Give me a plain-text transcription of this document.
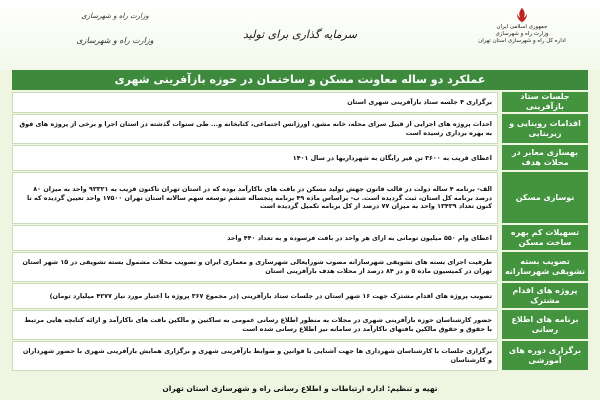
جمهوری اسلامی ایران
وزارت راه و شهرسازی
اداره کل راه و شهرسازی استان تهران
سرمایه گذاری برای تولید
وزارت راه و شهرسازی
وزارت راه و شهرسازی
عملکرد دو ساله معاونت مسکن و ساختمان در حوزه بازآفرینی شهری
جلسات ستاد بازآفرینی
برگزاری ۴ جلسه ستاد بازآفرینی شهری استان
اقدامات روبنایی و زیربنایی
احداث پروژه های اجرایی از قبیل سرای محله، خانه مشق، اورژانس اجتماعی، کتابخانه و... طی سنوات گذشته در استان اجرا و برخی از پروژه های فوق به بهره برداری رسیده است
بهسازی معابر در محلات هدف
اعطای قریب به ۳۶۰۰ تن قیر رایگان به شهرداریها در سال ۱۴۰۱
نوسازی مسکن
الف- برنامه ۴ ساله دولت در قالب قانون جهش تولید مسکن در بافت های ناکارآمد بوده که در استان تهران تاکنون قریب به ۹۳۳۲۱ واحد به میزان ۸۰ درصد برنامه کل استان، ثبت گردیده است. ب- براساس ماده ۴۹ برنامه پنجساله ششم توسعه سهم سالانه استان تهران ۱۷۵۰۰ واحد تعیین گردیده که تا کنون تعداد ۱۳۴۳۹ واحد به میزان ۷۷ درصد از کل برنامه تکمیل گردیده است
تسهیلات کم بهره ساخت مسکن
اعطای وام ۵۵۰ میلیون تومانی به ازای هر واحد در بافت فرسوده و به تعداد ۴۴۰ واحد
تصویب بسته تشویقی شهرسازانه
ظرفیت اجرای بسته های تشویقی شهرسازانه مصوب شورایعالی شهرسازی و معماری ایران و تصویب محلات مشمول بسته تشویقی در ۱۵ شهر استان تهران در کمیسیون ماده ۵ و در ۸۴ درصد از محلات هدف بازآفرینی استان
پروژه های اقدام مشترک
تصویب پروژه های اقدام مشترک جهت ۱۶ شهر استان در جلسات ستاد بازآفرینی (در مجموع ۳۶۷ پروژه با اعتبار مورد نیاز ۴۲۷۷ میلیارد تومان)
برنامه های اطلاع رسانی
حضور کارشناسان حوزه بازآفرینی شهری در محلات به منظور اطلاع رسانی عمومی به ساکنین و مالکین بافت های ناکارآمد و ارائه کتابچه هایی مرتبط با حقوق و حقوق مالکین بافتهای ناکارآمد در سامانه نیز اطلاع رسانی شده است
برگزاری دوره های آموزشی
برگزاری جلسات با کارشناسان شهرداری ها جهت آشنایی با قوانین و ضوابط بازآفرینی شهری و برگزاری همایش بازآفرینی شهری با حضور شهرداران و کارشناسان
تهیه و تنظیم: اداره ارتباطات و اطلاع رسانی راه و شهرسازی استان تهران
